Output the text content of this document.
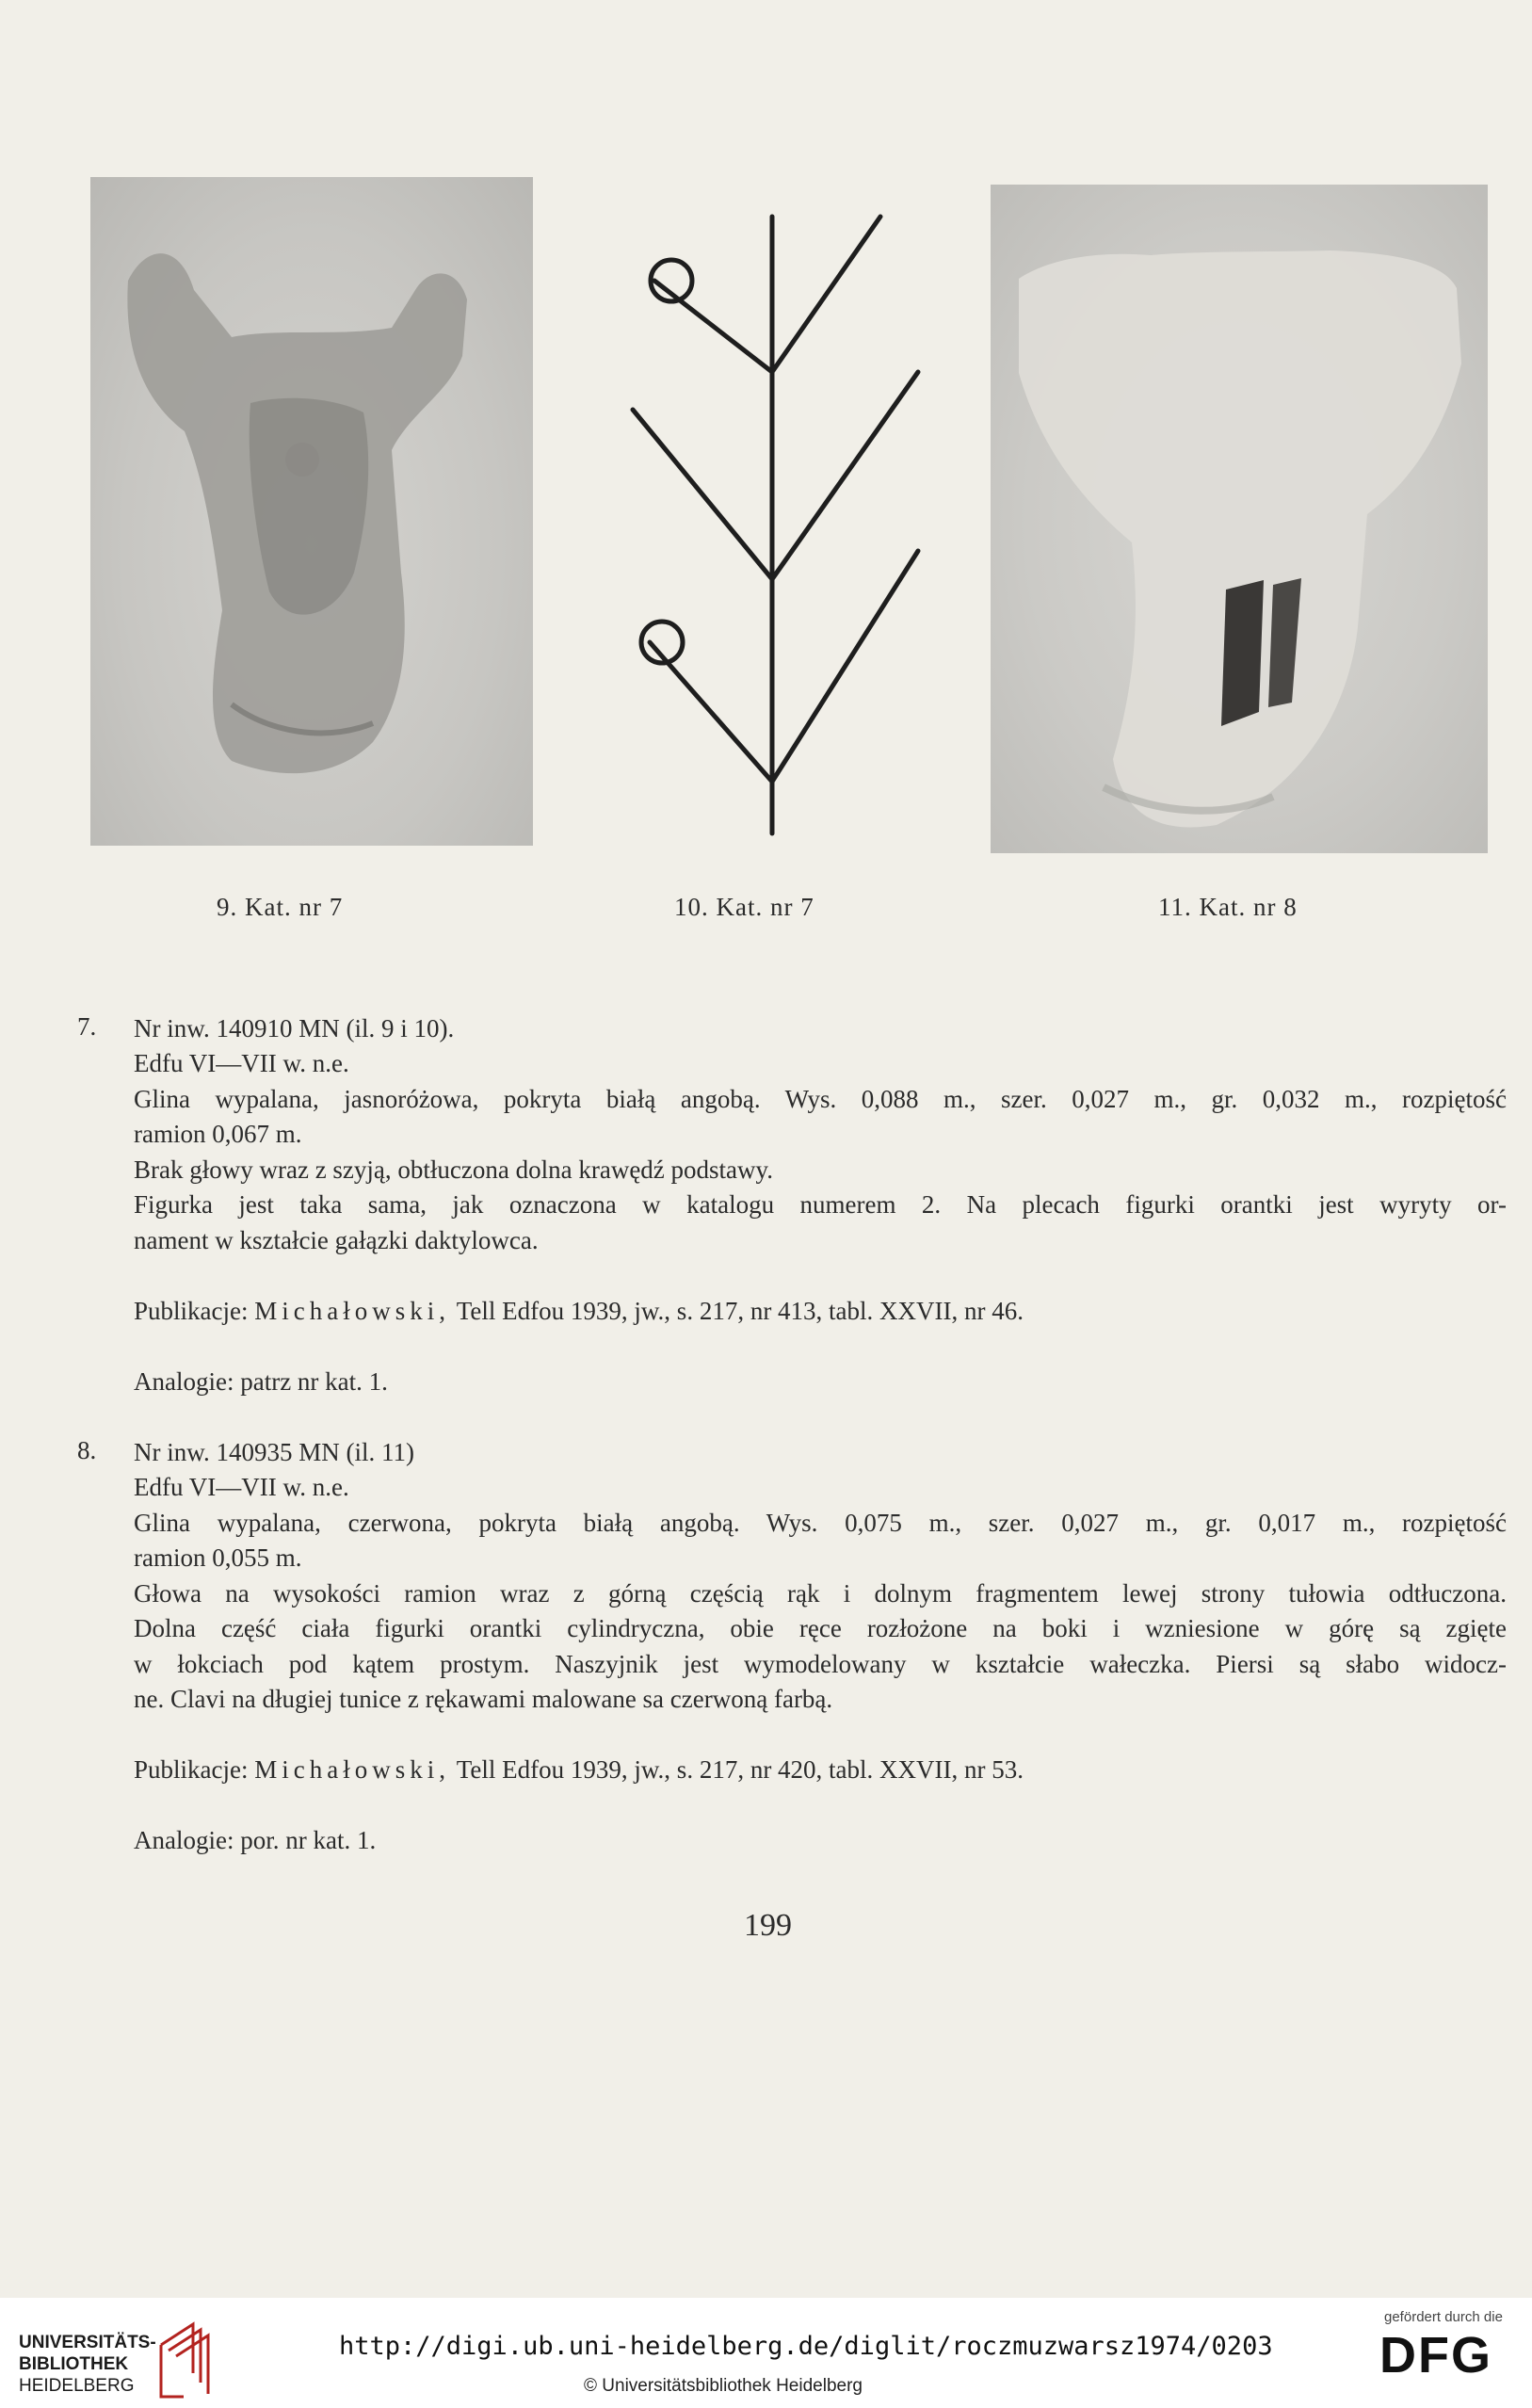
9. Kat. nr 7	10. Kat. nr 7	11. Kat. nr 8
7. Nr inw. 140910 MN (il. 9 i 10).
Edfu VI—VII w. n.e.
Glina wypalana, jasnoróżowa, pokryta białą angobą. Wys. 0,088 m., szer. 0,027 m., gr. 0,032 m., rozpiętość
ramion 0,067 m.
Brak głowy wraz z szyją, obtłuczona dolna krawędź podstawy.
Figurka jest taka sama, jak oznaczona w katalogu numerem 2. Na plecach figurki orantki jest wyryty or-
nament w kształcie gałązki daktylowca.
Publikacje: Michałowski, Tell Edfou 1939, jw., s. 217, nr 413, tabl. XXVII, nr 46.
Analogie: patrz nr kat. 1.
8. Nr inw. 140935 MN (il. 11)
Edfu VI—VII w. n.e.
Glina wypalana, czerwona, pokryta białą angobą. Wys. 0,075 m., szer. 0,027 m., gr. 0,017 m., rozpiętość
ramion 0,055 m.
Głowa na wysokości ramion wraz z górną częścią rąk i dolnym fragmentem lewej strony tułowia odtłuczona.
Dolna część ciała figurki orantki cylindryczna, obie ręce rozłożone na boki i wzniesione w górę są zgięte
w łokciach pod kątem prostym. Naszyjnik jest wymodelowany w kształcie wałeczka. Piersi są słabo widocz-
ne. Clavi na długiej tunice z rękawami malowane sa czerwoną farbą.
Publikacje: Michałowski, Tell Edfou 1939, jw., s. 217, nr 420, tabl. XXVII, nr 53.
Analogie: por. nr kat. 1.
199
UNIVERSITÄTS-
BIBLIOTHEK
HEIDELBERG
http://digi.ub.uni-heidelberg.de/diglit/roczmuzwarsz1974/0203
© Universitätsbibliothek Heidelberg
gefördert durch die
DFG
